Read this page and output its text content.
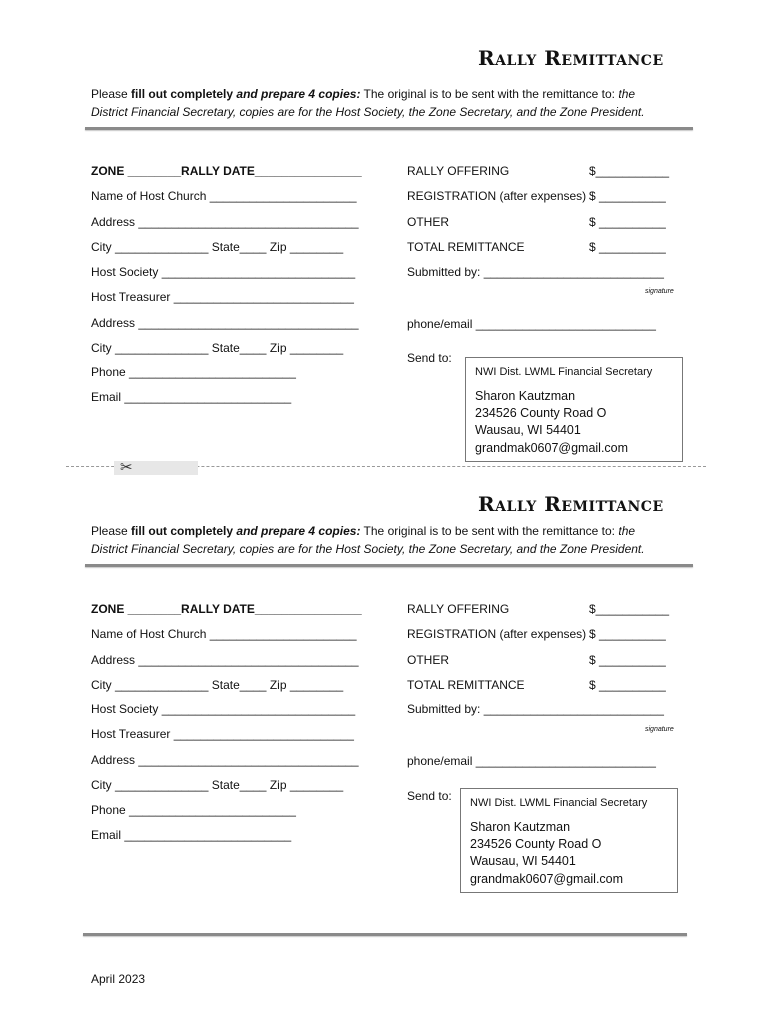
Rally Remittance
Please fill out completely and prepare 4 copies: The original is to be sent with the remittance to: the
District Financial Secretary, copies are for the Host Society, the Zone Secretary, and the Zone President.
ZONE ________RALLY DATE________________
Name of Host Church ______________________
Address _________________________________
City ______________ State____ Zip ________
Host Society _____________________________
Host Treasurer ___________________________
Address _________________________________
City ______________ State____ Zip ________
Phone _________________________
Email _________________________
RALLY OFFERING	$___________
REGISTRATION (after expenses) $ __________
OTHER	$ __________
TOTAL REMITTANCE	$ __________
Submitted by: ___________________________
signature
phone/email ___________________________
Send to:
NWI Dist. LWML Financial Secretary
Sharon Kautzman
234526 County Road O
Wausau, WI 54401
grandmak0607@gmail.com
✂
Rally Remittance
Please fill out completely and prepare 4 copies: The original is to be sent with the remittance to: the
District Financial Secretary, copies are for the Host Society, the Zone Secretary, and the Zone President.
ZONE ________RALLY DATE________________
Name of Host Church ______________________
Address _________________________________
City ______________ State____ Zip ________
Host Society _____________________________
Host Treasurer ___________________________
Address _________________________________
City ______________ State____ Zip ________
Phone _________________________
Email _________________________
RALLY OFFERING	$___________
REGISTRATION (after expenses) $ __________
OTHER	$ __________
TOTAL REMITTANCE	$ __________
Submitted by: ___________________________
signature
phone/email ___________________________
Send to: NWI Dist. LWML Financial Secretary
Sharon Kautzman
234526 County Road O
Wausau, WI 54401
grandmak0607@gmail.com
April 2023
